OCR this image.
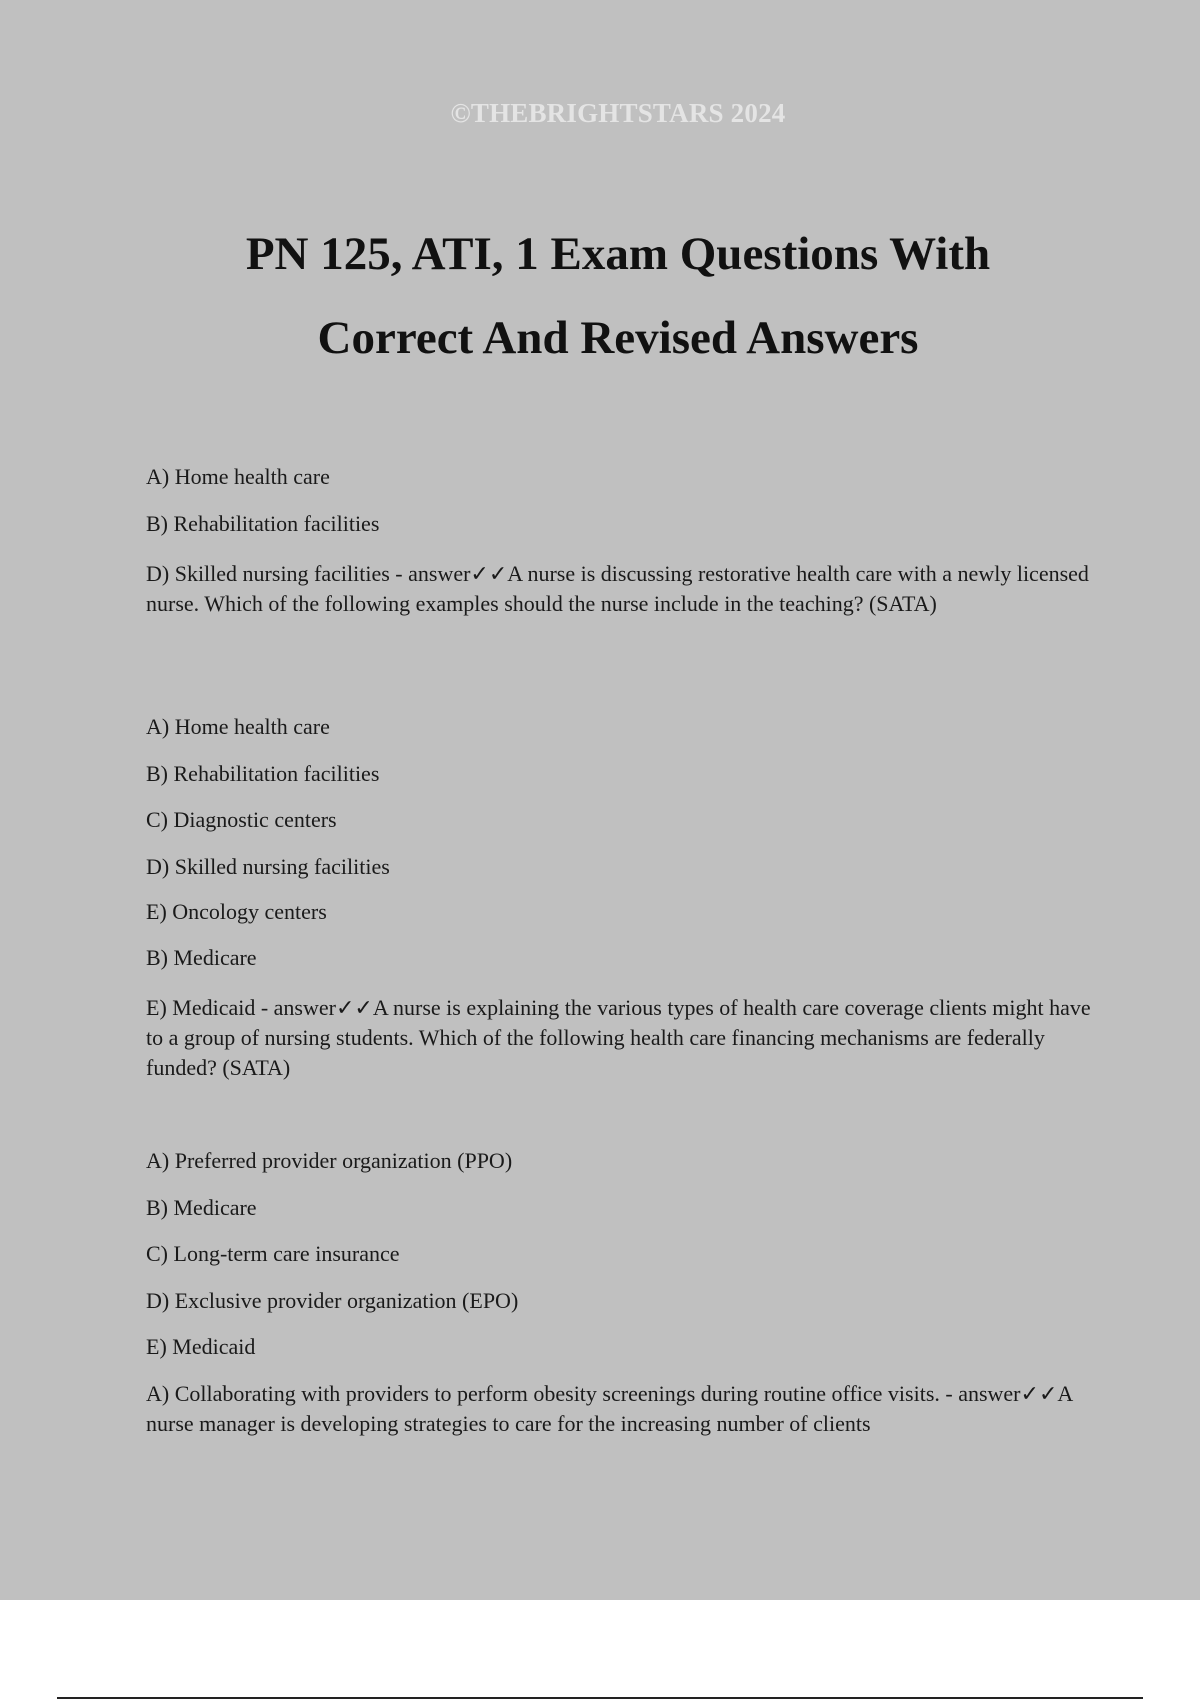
©THEBRIGHTSTARS 2024
PN 125, ATI, 1 Exam Questions With
Correct And Revised Answers
A) Home health care
B) Rehabilitation facilities
D) Skilled nursing facilities - answer✓✓A nurse is discussing restorative health care with a newly licensed nurse. Which of the following examples should the nurse include in the teaching? (SATA)
A) Home health care
B) Rehabilitation facilities
C) Diagnostic centers
D) Skilled nursing facilities
E) Oncology centers
B) Medicare
E) Medicaid - answer✓✓A nurse is explaining the various types of health care coverage clients might have to a group of nursing students. Which of the following health care financing mechanisms are federally funded? (SATA)
A) Preferred provider organization (PPO)
B) Medicare
C) Long-term care insurance
D) Exclusive provider organization (EPO)
E) Medicaid
A) Collaborating with providers to perform obesity screenings during routine office visits. - answer✓✓A nurse manager is developing strategies to care for the increasing number of clients
